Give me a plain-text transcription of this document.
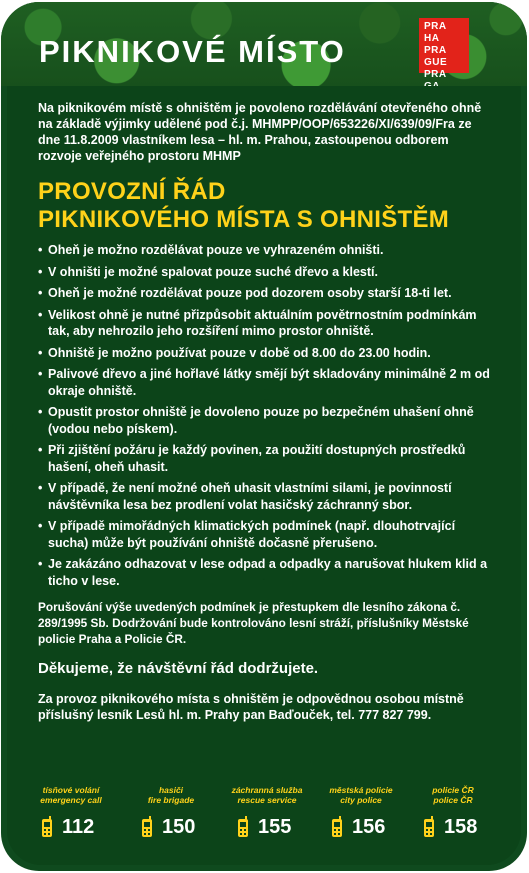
PIKNIKOVÉ MÍSTO
PRA HA
PRA GUE
PRA

Na piknikovém místě s ohništěm je povoleno rozdělávání otevřeného ohně na základě výjimky udělené pod č.j. MHMPP/OOP/653226/XI/639/09/Fra ze dne 11.8.2009 vlastníkem lesa – hl. m. Prahou, zastoupenou odborem rozvoje veřejného prostoru MHMP

PROVOZNÍ ŘÁD
PIKNIKOVÉHO MÍSTA S OHNIŠTĚM
• Oheň je možno rozdělávat pouze ve vyhrazeném ohništi.
• V ohništi je možné spalovat pouze suché dřevo a klestí.
• Oheň je možné rozdělávat pouze pod dozorem osoby starší 18-ti let.
• Velikost ohně je nutné přizpůsobit aktuálním povětrnostním podmínkám tak, aby nehrozilo jeho rozšíření mimo prostor ohniště.
• Ohniště je možno používat pouze v době od 8.00 do 23.00 hodin.
• Palivové dřevo a jiné hořlavé látky smějí být skladovány minimálně 2 m od okraje ohniště.
• Opustit prostor ohniště je dovoleno pouze po bezpečném uhašení ohně (vodou nebo pískem).
• Při zjištění požáru je každý povinen, za použití dostupných prostředků hašení, oheň uhasit.
• V případě, že není možné oheň uhasit vlastními silami, je povinností návštěvníka lesa bez prodlení volat hasičský záchranný sbor.
• V případě mimořádných klimatických podmínek (např. dlouhotrvající sucha) může být používání ohniště dočasně přerušeno.
• Je zakázáno odhazovat v lese odpad a odpadky a narušovat hlukem klid a ticho v lese.

Porušování výše uvedených podmínek je přestupkem dle lesního zákona č. 289/1995 Sb. Dodržování bude kontrolováno lesní stráží, příslušníky Městské policie Praha a Policie ČR.

Děkujeme, že návštěvní řád dodržujete.

Za provoz piknikového místa s ohništěm je odpovědnou osobou místně příslušný lesník Lesů hl. m. Prahy pan Baďouček, tel. 777 827 799.

tísňové volání
emergency call
112
hasiči
fire brigade
150
záchranná služba
rescue service
155
městská policie
city police
156
policie ČR
police ČR
158
